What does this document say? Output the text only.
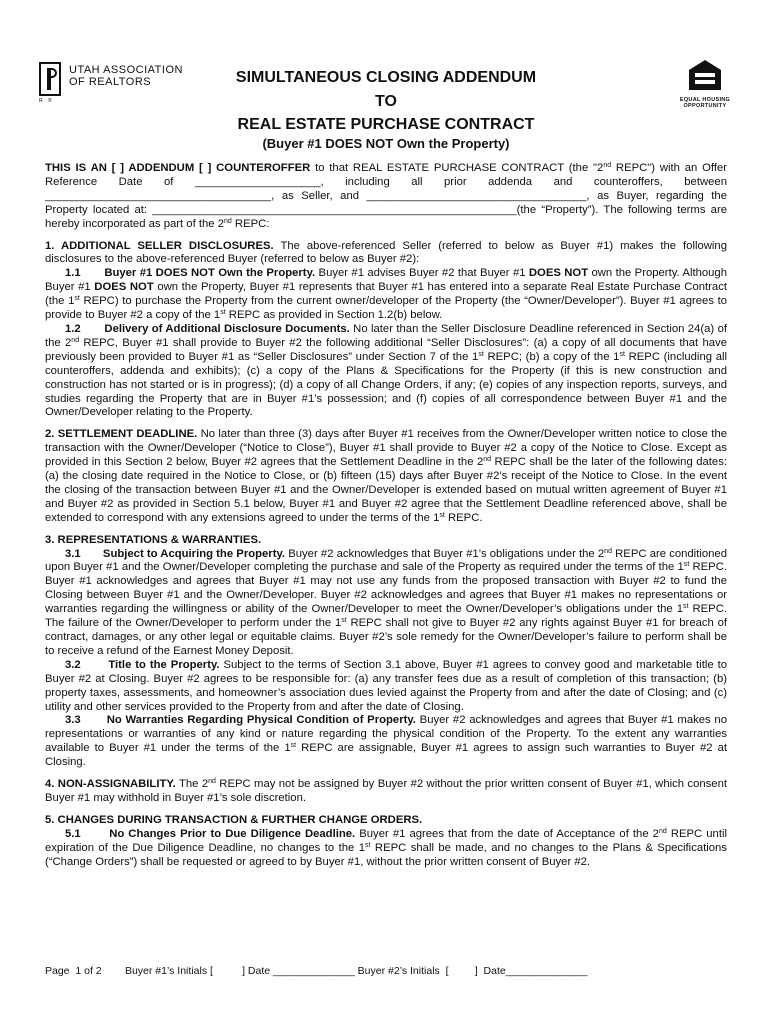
UTAH ASSOCIATION
OF REALTORS
R ®
SIMULTANEOUS CLOSING ADDENDUM
TO
REAL ESTATE PURCHASE CONTRACT
(Buyer #1 DOES NOT Own the Property)
EQUAL HOUSING
OPPORTUNITY

THIS IS AN [ ] ADDENDUM [ ] COUNTEROFFER to that REAL ESTATE PURCHASE CONTRACT (the "2nd REPC") with an Offer Reference Date of ____________________, including all prior addenda and counteroffers, between ____________________________________, as Seller, and ___________________________________, as Buyer, regarding the Property located at: __________________________________________________________(the “Property”). The following terms are hereby incorporated as part of the 2nd REPC:

1. ADDITIONAL SELLER DISCLOSURES. The above-referenced Seller (referred to below as Buyer #1) makes the following disclosures to the above-referenced Buyer (referred to below as Buyer #2):

1.1 Buyer #1 DOES NOT Own the Property. Buyer #1 advises Buyer #2 that Buyer #1 DOES NOT own the Property. Although Buyer #1 DOES NOT own the Property, Buyer #1 represents that Buyer #1 has entered into a separate Real Estate Purchase Contract (the 1st REPC) to purchase the Property from the current owner/developer of the Property (the “Owner/Developer”). Buyer #1 agrees to provide to Buyer #2 a copy of the 1st REPC as provided in Section 1.2(b) below.

1.2 Delivery of Additional Disclosure Documents. No later than the Seller Disclosure Deadline referenced in Section 24(a) of the 2nd REPC, Buyer #1 shall provide to Buyer #2 the following additional “Seller Disclosures”: (a) a copy of all documents that have previously been provided to Buyer #1 as “Seller Disclosures” under Section 7 of the 1st REPC; (b) a copy of the 1st REPC (including all counteroffers, addenda and exhibits); (c) a copy of the Plans & Specifications for the Property (if this is new construction and construction has not started or is in progress); (d) a copy of all Change Orders, if any; (e) copies of any inspection reports, surveys, and studies regarding the Property that are in Buyer #1’s possession; and (f) copies of all correspondence between Buyer #1 and the Owner/Developer relating to the Property.

2. SETTLEMENT DEADLINE. No later than three (3) days after Buyer #1 receives from the Owner/Developer written notice to close the transaction with the Owner/Developer (“Notice to Close”), Buyer #1 shall provide to Buyer #2 a copy of the Notice to Close. Except as provided in this Section 2 below, Buyer #2 agrees that the Settlement Deadline in the 2nd REPC shall be the later of the following dates: (a) the closing date required in the Notice to Close, or (b) fifteen (15) days after Buyer #2’s receipt of the Notice to Close. In the event the closing of the transaction between Buyer #1 and the Owner/Developer is extended based on mutual written agreement of Buyer #1 and Buyer #2 as provided in Section 5.1 below, Buyer #1 and Buyer #2 agree that the Settlement Deadline referenced above, shall be extended to correspond with any extensions agreed to under the terms of the 1st REPC.

3. REPRESENTATIONS & WARRANTIES.

3.1 Subject to Acquiring the Property. Buyer #2 acknowledges that Buyer #1’s obligations under the 2nd REPC are conditioned upon Buyer #1 and the Owner/Developer completing the purchase and sale of the Property as required under the terms of the 1st REPC. Buyer #1 acknowledges and agrees that Buyer #1 may not use any funds from the proposed transaction with Buyer #2 to fund the Closing between Buyer #1 and the Owner/Developer. Buyer #2 acknowledges and agrees that Buyer #1 makes no representations or warranties regarding the willingness or ability of the Owner/Developer to meet the Owner/Developer’s obligations under the 1st REPC. The failure of the Owner/Developer to perform under the 1st REPC shall not give to Buyer #2 any rights against Buyer #1 for breach of contract, damages, or any other legal or equitable claims. Buyer #2’s sole remedy for the Owner/Developer’s failure to perform shall be to receive a refund of the Earnest Money Deposit.

3.2 Title to the Property. Subject to the terms of Section 3.1 above, Buyer #1 agrees to convey good and marketable title to Buyer #2 at Closing. Buyer #2 agrees to be responsible for: (a) any transfer fees due as a result of completion of this transaction; (b) property taxes, assessments, and homeowner’s association dues levied against the Property from and after the date of Closing; and (c) utility and other services provided to the Property from and after the date of Closing.

3.3 No Warranties Regarding Physical Condition of Property. Buyer #2 acknowledges and agrees that Buyer #1 makes no representations or warranties of any kind or nature regarding the physical condition of the Property. To the extent any warranties available to Buyer #1 under the terms of the 1st REPC are assignable, Buyer #1 agrees to assign such warranties to Buyer #2 at Closing.

4. NON-ASSIGNABILITY. The 2nd REPC may not be assigned by Buyer #2 without the prior written consent of Buyer #1, which consent Buyer #1 may withhold in Buyer #1’s sole discretion.

5. CHANGES DURING TRANSACTION & FURTHER CHANGE ORDERS.

5.1	No Changes Prior to Due Diligence Deadline. Buyer #1 agrees that from the date of Acceptance of the 2nd REPC until expiration of the Due Diligence Deadline, no changes to the 1st REPC shall be made, and no changes to the Plans & Specifications (“Change Orders”) shall be requested or agreed to by Buyer #1, without the prior written consent of Buyer #2.

Page  1 of 2        Buyer #1’s Initials [          ] Date ______________ Buyer #2’s Initials  [         ]  Date______________
